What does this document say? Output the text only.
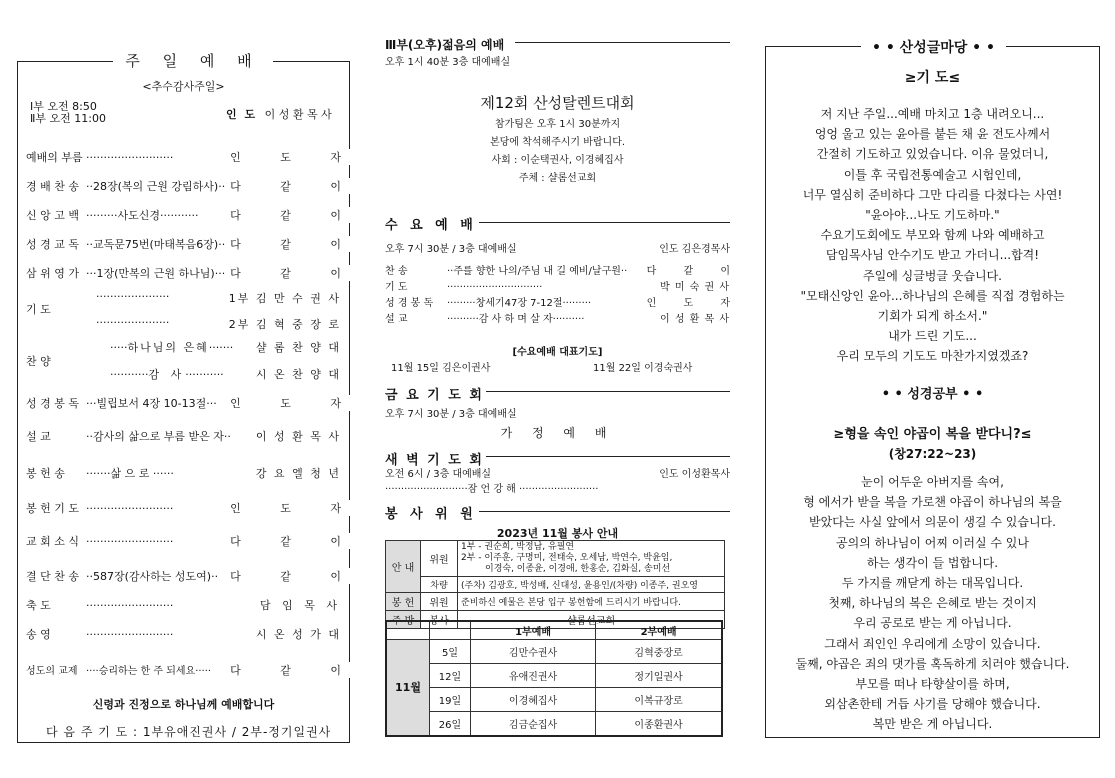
주 일 예 배
<추수감사주일>
Ⅰ부 오전 8:50
Ⅱ부 오전 11:00	인 도 이 성 환 목 사
예배의 부름 ·························	인 도 자
경 배 찬 송 ··28장(복의 근원 강림하사)·· 다 같 이
신 앙 고 백 ·········사도신경···········	다 같 이
성 경 교 독 ··교독문75번(마태복음6장)·· 다 같 이
삼 위 영 가 ···1장(만복의 근원 하나님)··· 다 같 이
기 도
·····················	1부 김 만 수 권 사
·····················	2부 김 혁 중 장 로
찬 양
·····하나님의 은혜······· 샬 롬 찬 양 대
···········감 사···········	시 온 찬 양 대
성 경 봉 독 ···빌립보서 4장 10-13절··· 인 도 자
설 교	··감사의 삶으로 부름 받은 자·· 이 성 환 목 사
봉 헌 송 ·······삶 으 로 ······	강 요 엘 청 년
봉 헌 기 도 ·························	인 도 자
교 회 소 식 ·························	다 같 이
결 단 찬 송 ··587장(감사하는 성도여)·· 다 같 이
축 도	·························	담 임 목 사
송 영	·························	시 온 성 가 대
성도의 교제 ····승리하는 한 주 되세요····· 다 같 이
신령과 진정으로 하나님께 예배합니다
다 음 주 기 도 : 1부유애진권사 / 2부-정기일권사
Ⅲ부(오후)젊음의 예배
오후 1시 40분 3층 대예배실
제12회 산성탈렌트대회
참가팀은 오후 1시 30분까지
본당에 착석해주시기 바랍니다.
사회 : 이순택권사, 이경혜집사
주체 : 샬롬선교회
수 요 예 배
오후 7시 30분 / 3층 대예배실	인도 김은경목사
찬 송	··주를 향한 나의/주님 내 길 예비/날구원·· 다 같 이
기 도	······························	박 미 숙 권 사
성 경 봉 독 ·········창세기47장 7-12절·········	인 도 자
설 교	··········감 사 하 며 살 자··········	이 성 환 목 사
[수요예배 대표기도]
11월 15일 김은이권사	11월 22일 이경숙권사
금 요 기 도 회
오후 7시 30분 / 3층 대예배실
가 정 예 배
새 벽 기 도 회
오전 6시 / 3층 대예배실	인도 이성환목사
··························잠 언 강 해 ·························
봉 사 위 원
2023년 11월 봉사 안내
안 내	위원	1부 - 권순희, 박정남, 유필연
2부 - 이주훈, 구명미, 전태숙, 오세남, 박연수, 박윤임,
이경숙, 이종윤, 이경애, 한홍순, 김화실, 송미선

	차량	(주차) 김광호, 박성배, 신대성, 윤용인/(차량) 이종주, 권오영
봉 헌	위원	준비하신 예물은 본당 입구 봉헌함에 드리시기 바랍니다.
주 방	봉사	샬롬선교회
		1부예배	2부예배
11월	5일	김만수권사	김혁중장로
	12일	유애진권사	정기일권사
	19일	이경혜집사	이복규장로
	26일	김금순집사	이종환권사
• • 산성글마당 • •
≥기 도≤
저 지난 주일...예배 마치고 1층 내려오니...
엉엉 울고 있는 윤아를 붙든 채 윤 전도사께서
간절히 기도하고 있었습니다. 이유 물었더니,
이틀 후 국립전통예술고 시험인데,
너무 열심히 준비하다 그만 다리를 다쳤다는 사연!
"윤아야...나도 기도하마."
수요기도회에도 부모와 함께 나와 예배하고
담임목사님 안수기도 받고 가더니...합격!
주일에 싱글벙글 웃습니다.
"모태신앙인 윤아...하나님의 은혜를 직접 경험하는
기회가 되게 하소서."
내가 드린 기도...
우리 모두의 기도도 마찬가지였겠죠?
• • 성경공부 • •
≥형을 속인 야곱이 복을 받다니?≤
(창27:22~23)
눈이 어두운 아버지를 속여,
형 에서가 받을 복을 가로챈 야곱이 하나님의 복을
받았다는 사실 앞에서 의문이 생길 수 있습니다.
공의의 하나님이 어찌 이러실 수 있나
하는 생각이 들 법합니다.
두 가지를 깨닫게 하는 대목입니다.
첫째, 하나님의 복은 은혜로 받는 것이지
우리 공로로 받는 게 아닙니다.
그래서 죄인인 우리에게 소망이 있습니다.
둘째, 야곱은 죄의 댓가를 혹독하게 치러야 했습니다.
부모를 떠나 타향살이를 하며,
외삼촌한테 거듭 사기를 당해야 했습니다.
복만 받은 게 아닙니다.
